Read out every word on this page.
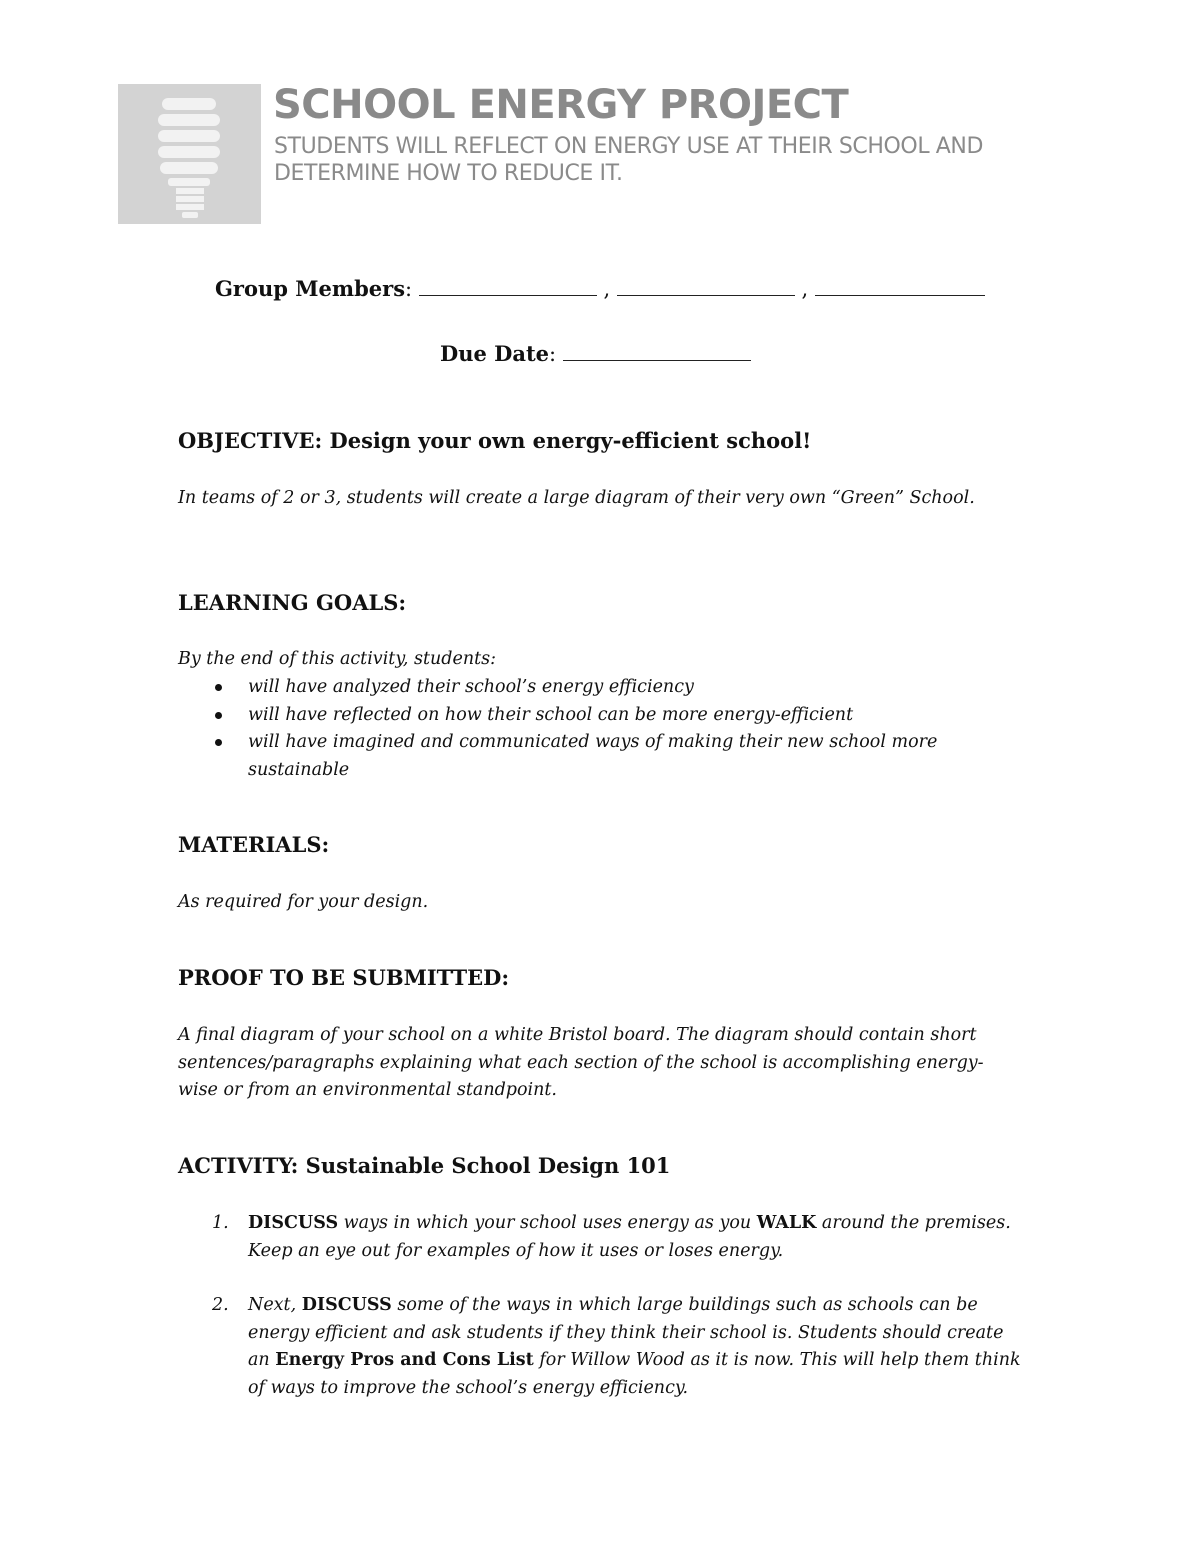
SCHOOL ENERGY PROJECT
STUDENTS WILL REFLECT ON ENERGY USE AT THEIR SCHOOL AND DETERMINE HOW TO REDUCE IT.
Group Members:	,	,
Due Date:
OBJECTIVE: Design your own energy-efficient school!
In teams of 2 or 3, students will create a large diagram of their very own “Green” School.
LEARNING GOALS:
By the end of this activity, students:
will have analyzed their school’s energy efficiency
will have reflected on how their school can be more energy-efficient
will have imagined and communicated ways of making their new school more sustainable
MATERIALS:
As required for your design.
PROOF TO BE SUBMITTED:
A final diagram of your school on a white Bristol board. The diagram should contain short sentences/paragraphs explaining what each section of the school is accomplishing energy-wise or from an environmental standpoint.
ACTIVITY: Sustainable School Design 101
1. DISCUSS ways in which your school uses energy as you WALK around the premises. Keep an eye out for examples of how it uses or loses energy.
2. Next, DISCUSS some of the ways in which large buildings such as schools can be energy efficient and ask students if they think their school is. Students should create an Energy Pros and Cons List for Willow Wood as it is now. This will help them think of ways to improve the school’s energy efficiency.
